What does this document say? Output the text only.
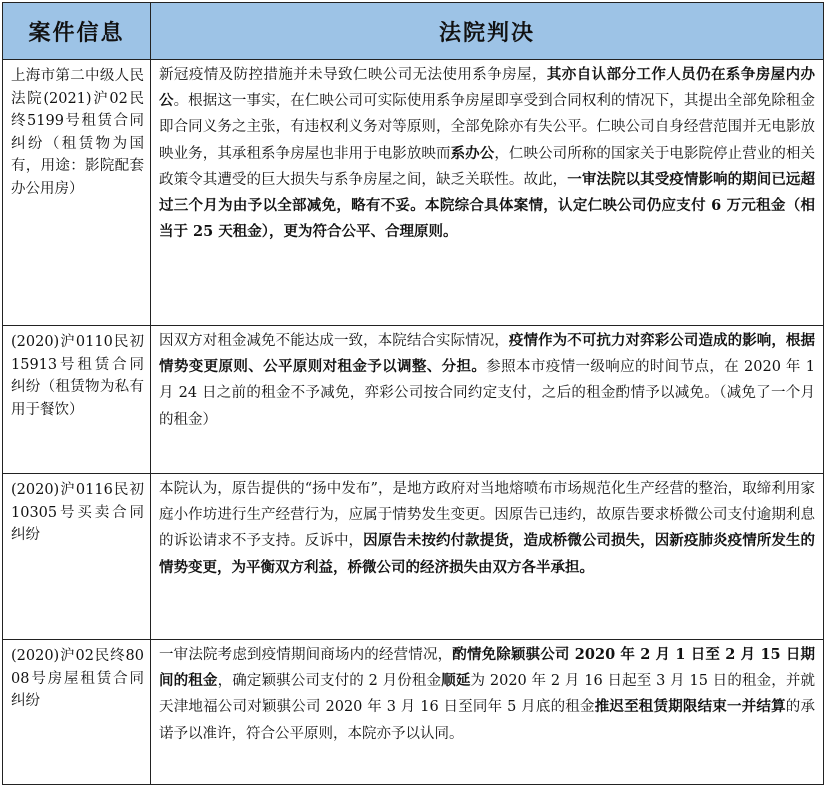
案件信息	法院判决
上海市第二中级人民法院(2021)沪02民终5199号租赁合同纠纷（租赁物为国有，用途：影院配套办公用房）	新冠疫情及防控措施并未导致仁映公司无法使用系争房屋，其亦自认部分工作人员仍在系争房屋内办公。根据这一事实，在仁映公司可实际使用系争房屋即享受到合同权利的情况下，其提出全部免除租金即合同义务之主张，有违权利义务对等原则，全部免除亦有失公平。仁映公司自身经营范围并无电影放映业务，其承租系争房屋也非用于电影放映而系办公，仁映公司所称的国家关于电影院停止营业的相关政策令其遭受的巨大损失与系争房屋之间，缺乏关联性。故此，一审法院以其受疫情影响的期间已远超过三个月为由予以全部减免，略有不妥。本院综合具体案情，认定仁映公司仍应支付 6 万元租金（相当于 25 天租金），更为符合公平、合理原则。
(2020)沪0110民初15913号租赁合同纠纷（租赁物为私有用于餐饮）	因双方对租金减免不能达成一致，本院结合实际情况，疫情作为不可抗力对弈彩公司造成的影响，根据情势变更原则、公平原则对租金予以调整、分担。参照本市疫情一级响应的时间节点，在 2020 年 1 月 24 日之前的租金不予减免，弈彩公司按合同约定支付，之后的租金酌情予以减免。（减免了一个月的租金）
(2020)沪0116民初10305号买卖合同纠纷	本院认为，原告提供的“扬中发布”，是地方政府对当地熔喷布市场规范化生产经营的整治，取缔利用家庭小作坊进行生产经营行为，应属于情势发生变更。因原告已违约，故原告要求桥微公司支付逾期利息的诉讼请求不予支持。反诉中，因原告未按约付款提货，造成桥微公司损失，因新疫肺炎疫情所发生的情势变更，为平衡双方利益，桥微公司的经济损失由双方各半承担。
(2020)沪02民终8008号房屋租赁合同纠纷	一审法院考虑到疫情期间商场内的经营情况，酌情免除颖骐公司 2020 年 2 月 1 日至 2 月 15 日期间的租金，确定颖骐公司支付的 2 月份租金顺延为 2020 年 2 月 16 日起至 3 月 15 日的租金，并就天津地福公司对颖骐公司 2020 年 3 月 16 日至同年 5 月底的租金推迟至租赁期限结束一并结算的承诺予以准许，符合公平原则，本院亦予以认同。
